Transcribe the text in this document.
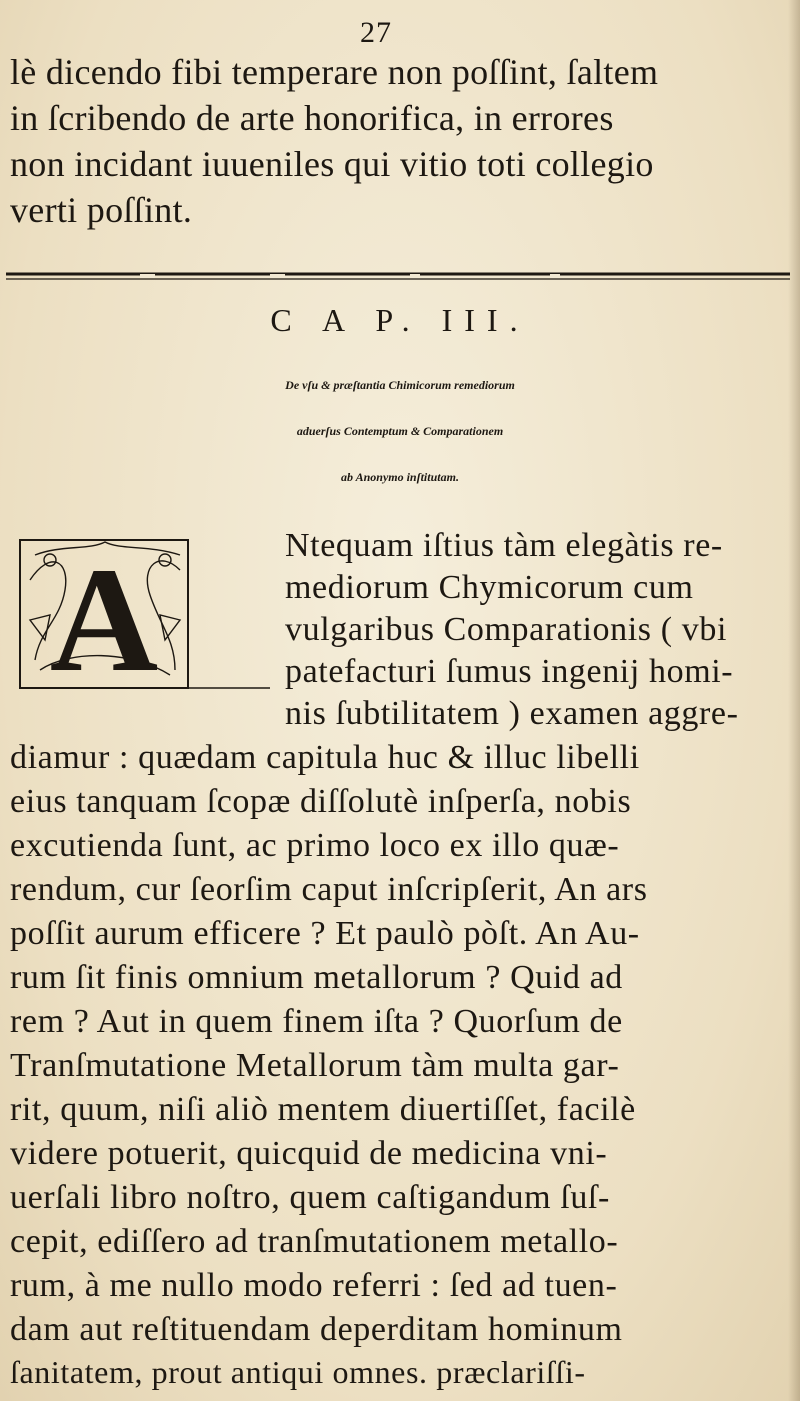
27
lè dicendo fibi temperare non poſſint, ſaltem
in ſcribendo de arte honorifica, in errores
non incidant iuueniles qui vitio toti collegio
verti poſſint.
C A P. III.
De vſu & præſtantia Chimicorum remediorum
aduerſus Contemptum & Comparationem
ab Anonymo inſtitutam.
A	Ntequam iſtius tàm elegàtis re-
mediorum Chymicorum cum
vulgaribus Comparationis ( vbi
patefacturi ſumus ingenij homi-
nis ſubtilitatem ) examen aggre-
diamur : quædam capitula huc & illuc libelli
eius tanquam ſcopæ diſſolutè inſperſa, nobis
excutienda ſunt, ac primo loco ex illo quæ-
rendum, cur ſeorſim caput inſcripſerit, An ars
poſſit aurum efficere ? Et paulò pòſt. An Au-
rum ſit finis omnium metallorum ? Quid ad
rem ? Aut in quem finem iſta ? Quorſum de
Tranſmutatione Metallorum tàm multa gar-
rit, quum, niſi aliò mentem diuertiſſet, facilè
videre potuerit, quicquid de medicina vni-
uerſali libro noſtro, quem caſtigandum ſuſ-
cepit, ediſſero ad tranſmutationem metallo-
rum, à me nullo modo referri : ſed ad tuen-
dam aut reſtituendam deperditam hominum
ſanitatem, prout antiqui omnes. præclariſſi-
